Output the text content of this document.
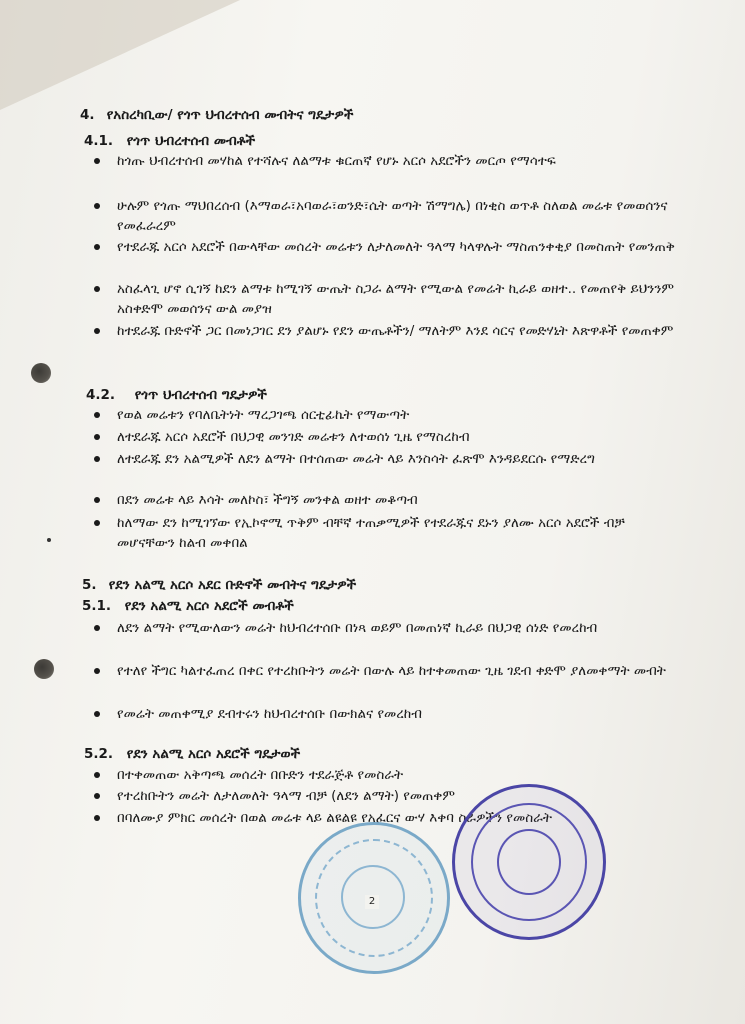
4. የአስረካቢው/ የጎጥ ህብረተሰብ መብትና ግዴታዎች
4.1. የጎጥ ህብረተሰብ መብቶች
ከጎጡ ህብረተሰብ መሃከል የተሻሉና ለልማቱ ቁርጠኛ የሆኑ አርሶ አደሮችን መርጦ የማሳተፍ
ሁሉም የጎጡ ማህበረሰብ (እማወራ፣አባወራ፣ወንድ፣ሴት ወጣት ሽማግሌ) በነቂስ ወጥቶ ስለወል መሬቱ የመወሰንና የመፈራረም
የተደራጁ አርሶ አደሮች በውላቸው መሰረት መሬቱን ለታለመለት ዓላማ ካላዋሉት ማስጠንቀቂያ በመስጠት የመንጠቅ
አስፈላጊ ሆኖ ሲገኝ ከደን ልማቱ ከሚገኝ ውጤት ስጋራ ልማት የሚውል የመሬት ኪራይ ወዘተ.. የመጠየቅ ይህንንም አስቀድሞ መወሰንና ውል መያዝ
ከተደራጁ ቡድኖች ጋር በመነጋገር ደን ያልሆኑ የደን ውጤቶችን/ ማለትም እንደ ሳርና የመድሃኒት እጽዋቶች የመጠቀም
4.2. የጎጥ ህብረተሰብ ግዴታዎች
የወል መሬቱን የባለቤትነት ማረጋገጫ ሰርቲፊኬት የማውጣት
ለተደራጁ አርሶ አደሮች በህጋዊ መንገድ መሬቱን ለተወሰነ ጊዜ የማስረከብ
ለተደራጁ ደን አልሚዎች ለደን ልማት በተሰጠው መሬት ላይ እንስሳት ፈጽሞ እንዳይደርሱ የማድረግ
በደን መሬቱ ላይ እሳት መለኮስ፣ ችግኝ መንቀል ወዘተ መቆጣብ
ከለማው ደን ከሚገኘው የኢኮኖሚ ጥቅም ብቸኛ ተጠቃሚዎች የተደራጁና ደኑን ያለሙ አርሶ አደሮች ብቻ መሆናቸውን ከልብ መቀበል
5. የደን አልሚ አርሶ አደር ቡድኖች መብትና ግዴታዎች
5.1. የደን አልሚ አርሶ አደሮች መብቶች
ለደን ልማት የሚውለውን መሬት ከህብረተሰቡ በነጻ ወይም በመጠነኛ ኪራይ በህጋዊ ሰነድ የመረከብ
የተለየ ችግር ካልተፈጠረ በቀር የተረከቡትን መሬት በውሉ ላይ ከተቀመጠው ጊዜ ገደብ ቀድሞ ያለመቀማት መብት
የመሬት መጠቀሚያ ደብተሩን ከህብረተሰቡ በውክልና የመረከብ
5.2. የደን አልሚ አርሶ አደሮች ግዴታወች
በተቀመጠው አቅጣጫ መሰረት በቡድን ተደራጅቶ የመስራት
የተረከቡትን መሬት ለታለመለት ዓላማ ብቻ (ለደን ልማት) የመጠቀም
በባለሙያ ምክር መሰረት በወል መሬቱ ላይ ልዩልዩ የአፈርና ውሃ እቀባ ስራዎችን የመስራት
2
